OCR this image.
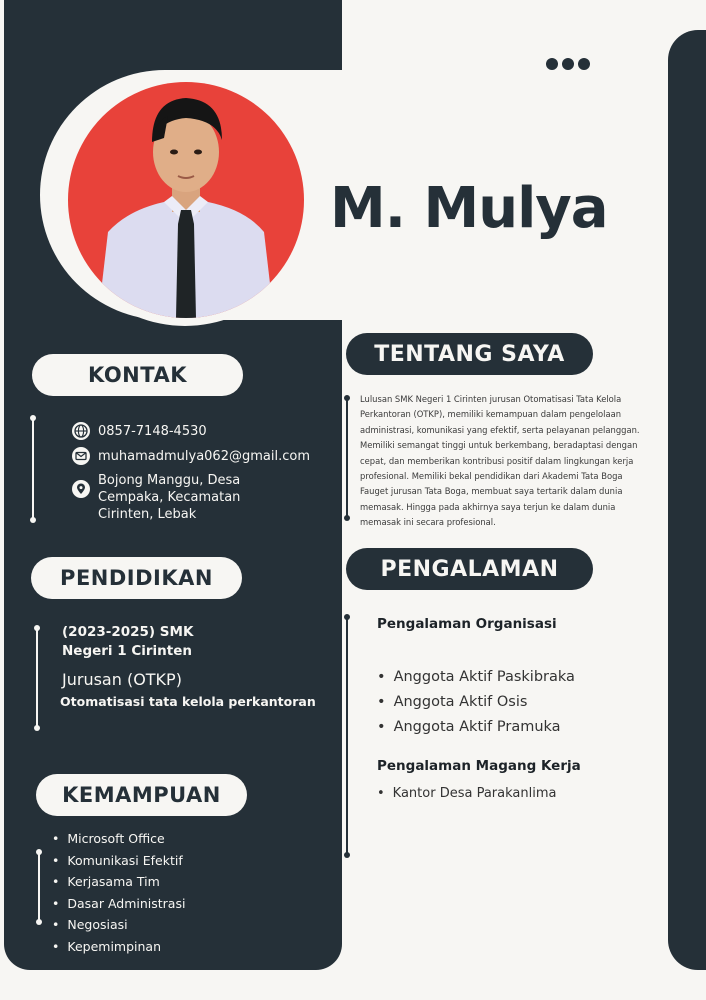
M. Mulya
KONTAK
0857-7148-4530
muhamadmulya062@gmail.com
Bojong Manggu, Desa Cempaka, Kecamatan Cirinten, Lebak
PENDIDIKAN
(2023-2025) SMK
Negeri 1 Cirinten
Jurusan (OTKP)
Otomatisasi tata kelola perkantoran
KEMAMPUAN
• Microsoft Office
• Komunikasi Efektif
• Kerjasama Tim
• Dasar Administrasi
• Negosiasi
• Kepemimpinan
TENTANG SAYA
Lulusan SMK Negeri 1 Cirinten jurusan Otomatisasi Tata Kelola Perkantoran (OTKP), memiliki kemampuan dalam pengelolaan administrasi, komunikasi yang efektif, serta pelayanan pelanggan. Memiliki semangat tinggi untuk berkembang, beradaptasi dengan cepat, dan memberikan kontribusi positif dalam lingkungan kerja profesional. Memiliki bekal pendidikan dari Akademi Tata Boga Fauget jurusan Tata Boga, membuat saya tertarik dalam dunia memasak. Hingga pada akhirnya saya terjun ke dalam dunia memasak ini secara profesional.
PENGALAMAN
Pengalaman Organisasi
• Anggota Aktif Paskibraka
• Anggota Aktif Osis
• Anggota Aktif Pramuka
Pengalaman Magang Kerja
• Kantor Desa Parakanlima
